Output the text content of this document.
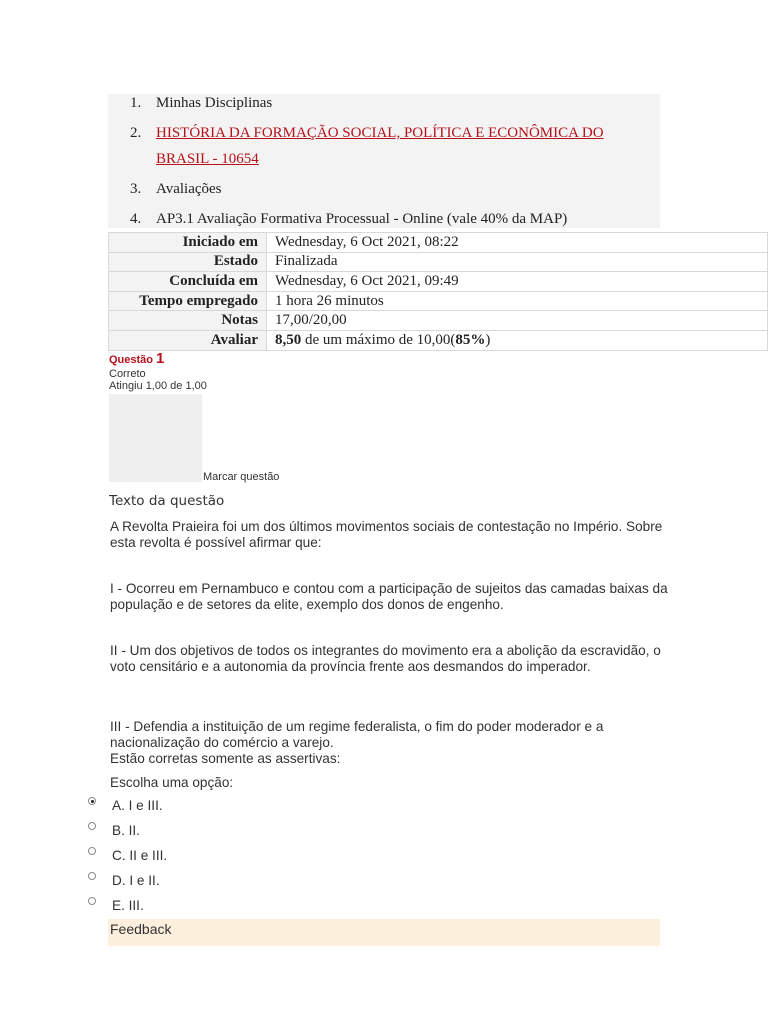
1. Minhas Disciplinas
2. HISTÓRIA DA FORMAÇÃO SOCIAL, POLÍTICA E ECONÔMICA DO
BRASIL - 10654
3. Avaliações
4. AP3.1 Avaliação Formativa Processual - Online (vale 40% da MAP)
Iniciado em	Wednesday, 6 Oct 2021, 08:22
Estado	Finalizada
Concluída em	Wednesday, 6 Oct 2021, 09:49
Tempo empregado	1 hora 26 minutos
Notas	17,00/20,00
Avaliar	8,50 de um máximo de 10,00(85%)
Questão 1
Correto
Atingiu 1,00 de 1,00
Marcar questão
Texto da questão

A Revolta Praieira foi um dos últimos movimentos sociais de contestação no Império. Sobre esta revolta é possível afirmar que:

I - Ocorreu em Pernambuco e contou com a participação de sujeitos das camadas baixas da população e de setores da elite, exemplo dos donos de engenho.

II - Um dos objetivos de todos os integrantes do movimento era a abolição da escravidão, o voto censitário e a autonomia da província frente aos desmandos do imperador.

III - Defendia a instituição de um regime federalista, o fim do poder moderador e a nacionalização do comércio a varejo.

Estão corretas somente as assertivas:

Escolha uma opção:

A. I e III.
B. II.
C. II e III.
D. I e II.
E. III.
Feedback
